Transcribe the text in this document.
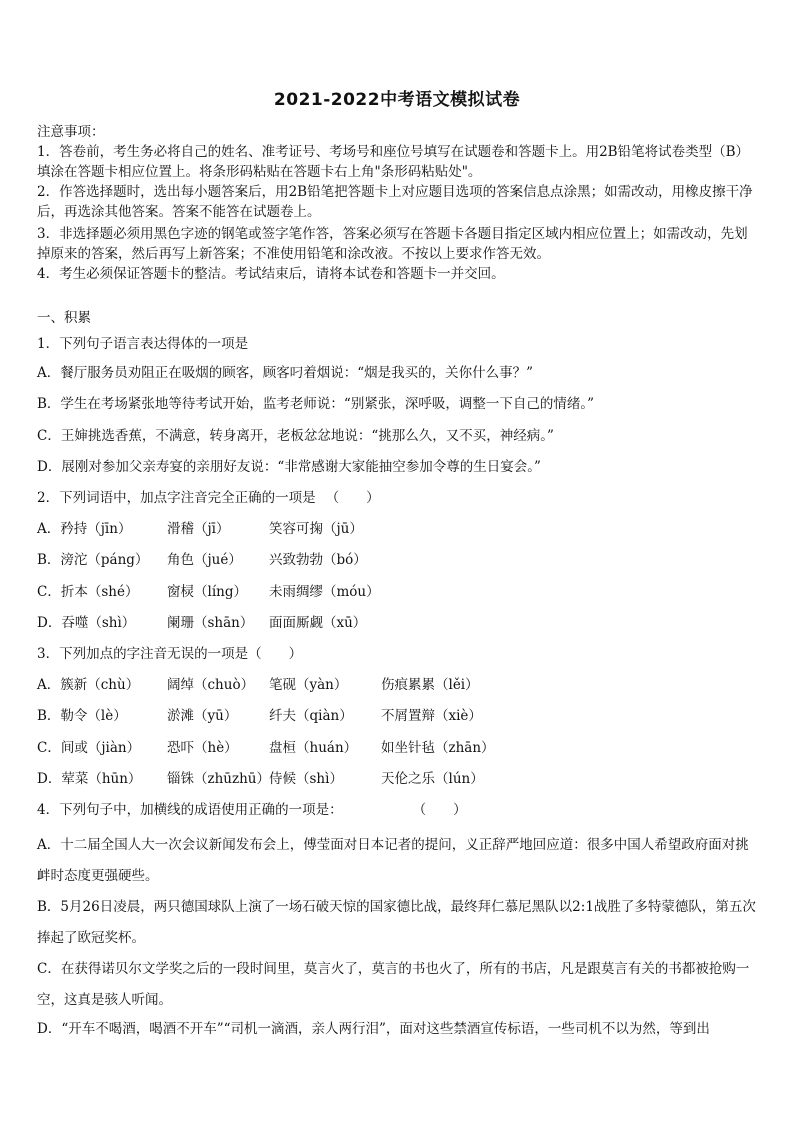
2021-2022中考语文模拟试卷
注意事项：
1．答卷前，考生务必将自己的姓名、准考证号、考场号和座位号填写在试题卷和答题卡上。用2B铅笔将试卷类型（B）填涂在答题卡相应位置上。将条形码粘贴在答题卡右上角"条形码粘贴处"。
2．作答选择题时，选出每小题答案后，用2B铅笔把答题卡上对应题目选项的答案信息点涂黑；如需改动，用橡皮擦干净后，再选涂其他答案。答案不能答在试题卷上。
3．非选择题必须用黑色字迹的钢笔或签字笔作答，答案必须写在答题卡各题目指定区域内相应位置上；如需改动，先划掉原来的答案，然后再写上新答案；不准使用铅笔和涂改液。不按以上要求作答无效。
4．考生必须保证答题卡的整洁。考试结束后，请将本试卷和答题卡一并交回。
一、积累
1．下列句子语言表达得体的一项是
A．餐厅服务员劝阻正在吸烟的顾客，顾客叼着烟说：“烟是我买的，关你什么事？”
B．学生在考场紧张地等待考试开始，监考老师说：“别紧张，深呼吸，调整一下自己的情绪。”
C．王婶挑选香蕉，不满意，转身离开，老板忿忿地说：“挑那么久，又不买，神经病。”
D．展刚对参加父亲寿宴的亲朋好友说：“非常感谢大家能抽空参加令尊的生日宴会。”
2．下列词语中，加点字注音完全正确的一项是 （　　）
A．矜持（jīn）	滑稽（jī）	笑容可掬（jū）
B．滂沱（páng） 角色（jué） 兴致勃勃（bó）
C．折本（shé） 窗棂（líng） 未雨绸缪（móu）
D．吞噬（shì） 阑珊（shān） 面面厮觑（xū）
3．下列加点的字注音无误的一项是（　　）
A．簇新（chù） 阔绰（chuò） 笔砚（yàn） 伤痕累累（lěi）
B．勒令（lè）	淤滩（yū） 纤夫（qiàn） 不屑置辩（xiè）
C．间或（jiàn） 恐吓（hè） 盘桓（huán） 如坐针毡（zhān）
D．荤菜（hūn） 锱铢（zhūzhū）侍候（shì）	天伦之乐（lún）
4．下列句子中，加横线的成语使用正确的一项是：	（　　）
A．十二届全国人大一次会议新闻发布会上，傅莹面对日本记者的提问，义正辞严地回应道：很多中国人希望政府面对挑衅时态度更强硬些。
B．5月26日凌晨，两只德国球队上演了一场石破天惊的国家德比战，最终拜仁慕尼黑队以2:1战胜了多特蒙德队，第五次捧起了欧冠奖杯。
C．在获得诺贝尔文学奖之后的一段时间里，莫言火了，莫言的书也火了，所有的书店，凡是跟莫言有关的书都被抢购一空，这真是骇人听闻。
D．“开车不喝酒，喝酒不开车”“司机一滴酒，亲人两行泪”，面对这些禁酒宣传标语，一些司机不以为然，等到出
